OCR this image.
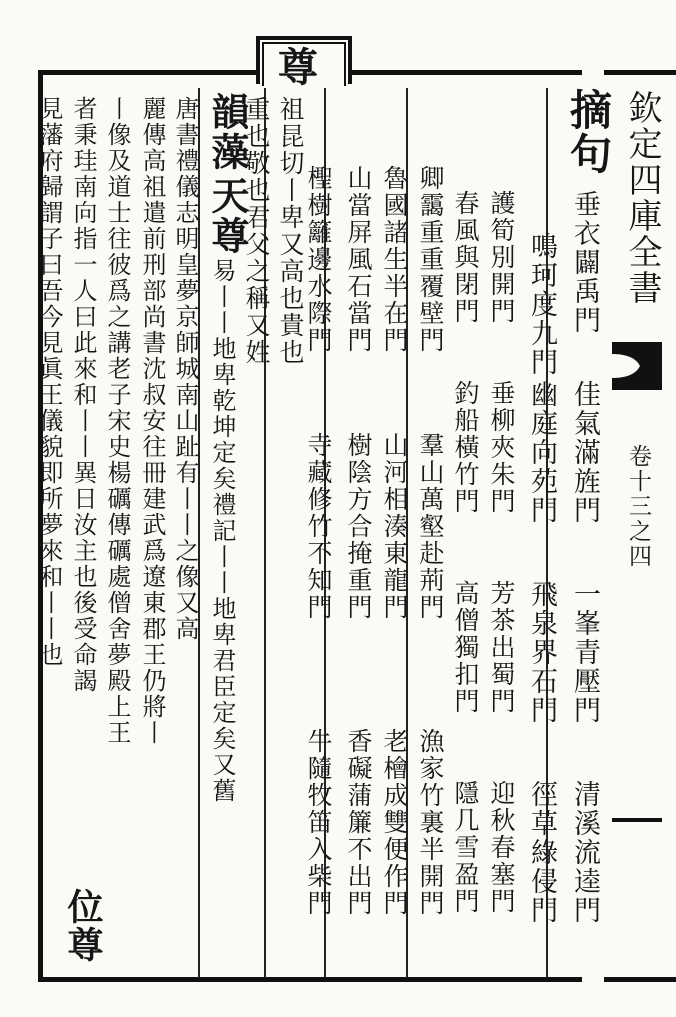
尊
欽定四庫全書
卷十三之四
摘句
垂衣闢禹門
佳氣滿旌門
一峯青壓門
清溪流逵門
鳴珂度九門
幽庭向苑門
飛泉界石門
徑草綠侵門
護筍別開門
垂柳夾朱門
芳茶出蜀門
迎秋春塞門
春風與閉門
釣船橫竹門
高僧獨扣門
隱几雪盈門
卿靄重重覆壁門
羣山萬壑赴荊門
漁家竹裏半開門
魯國諸生半在門
山河相湊東龍門
老檜成雙便作門
山當屏風石當門
樹陰方合掩重門
香礙蒲簾不出門
檉樹籬邊水際門
寺藏修竹不知門
牛隨牧笛入柴門
祖昆切丨卑又高也貴也
重也敬也君父之稱又姓
韻藻
天尊
易丨丨地卑乾坤定矣禮記丨丨地卑君臣定矣又舊
唐書禮儀志明皇夢京師城南山趾有丨丨之像又高
麗傳高祖遣前刑部尚書沈叔安往冊建武爲遼東郡王仍將丨
丨像及道士往彼爲之講老子宋史楊礪傳礪處僧舍夢殿上王
者秉珪南向指一人曰此來和丨丨異日汝主也後受命謁
見藩府歸謂子曰吾今見眞王儀貌即所夢來和丨丨也
位尊
